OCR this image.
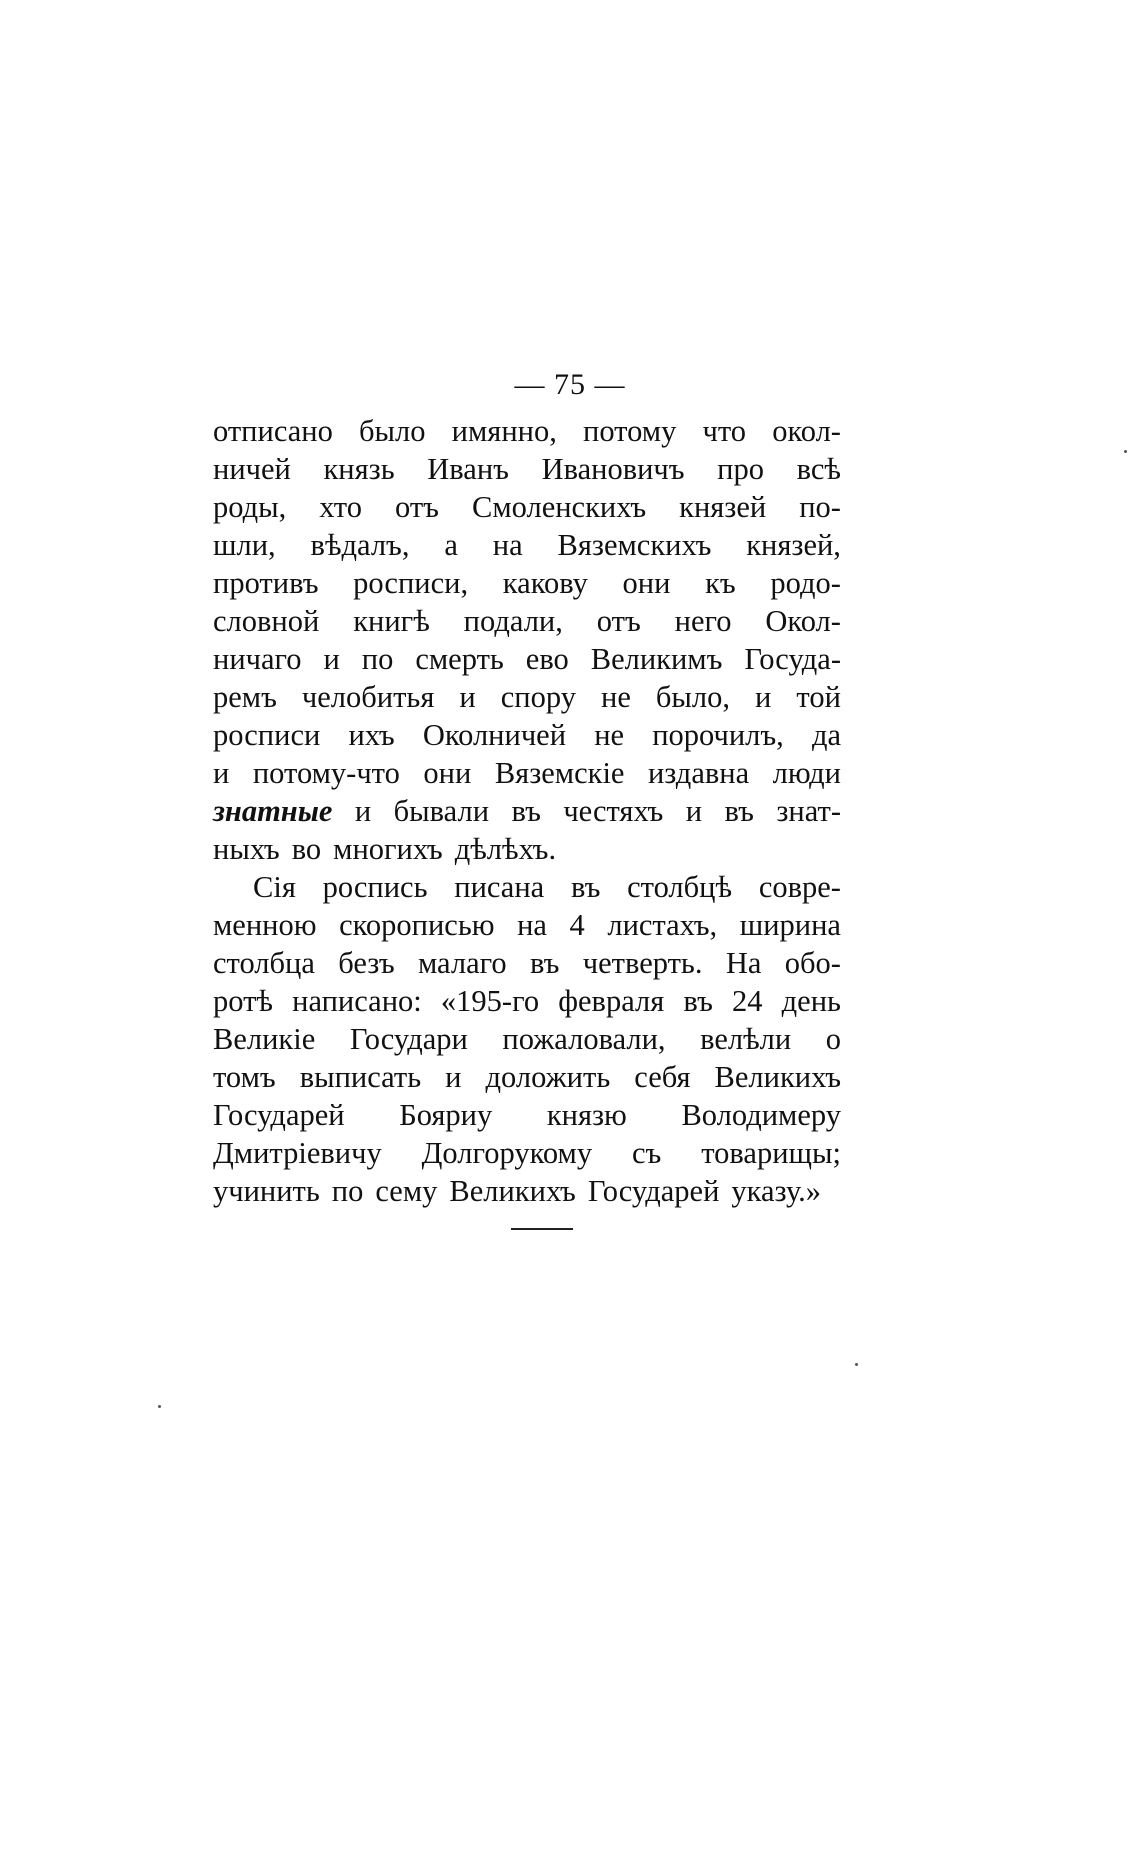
— 75 —
отписано было имянно, потому что окол-
ничей князь Иванъ Ивановичъ про всѣ
роды, хто отъ Смоленскихъ князей по-
шли, вѣдалъ, а на Вяземскихъ князей,
противъ росписи, какову они къ родо-
словной книгѣ подали, отъ него Окол-
ничаго и по смерть ево Великимъ Госуда-
ремъ челобитья и спору не было, и той
росписи ихъ Околничей не порочилъ, да
и потому-что они Вяземскіе издавна люди
знатные и бывали въ честяхъ и въ знат-
ныхъ во многихъ дѣлѣхъ.
Сія роспись писана въ столбцѣ совре-
менною скорописью на 4 листахъ, ширина
столбца безъ малаго въ четверть. На обо-
ротѣ написано: «195-го февраля въ 24 день
Великіе Государи пожаловали, велѣли о
томъ выписать и доложить себя Великихъ
Государей Бояриу князю Володимеру
Дмитріевичу Долгорукому съ товарищы;
учинить по сему Великихъ Государей указу.»
